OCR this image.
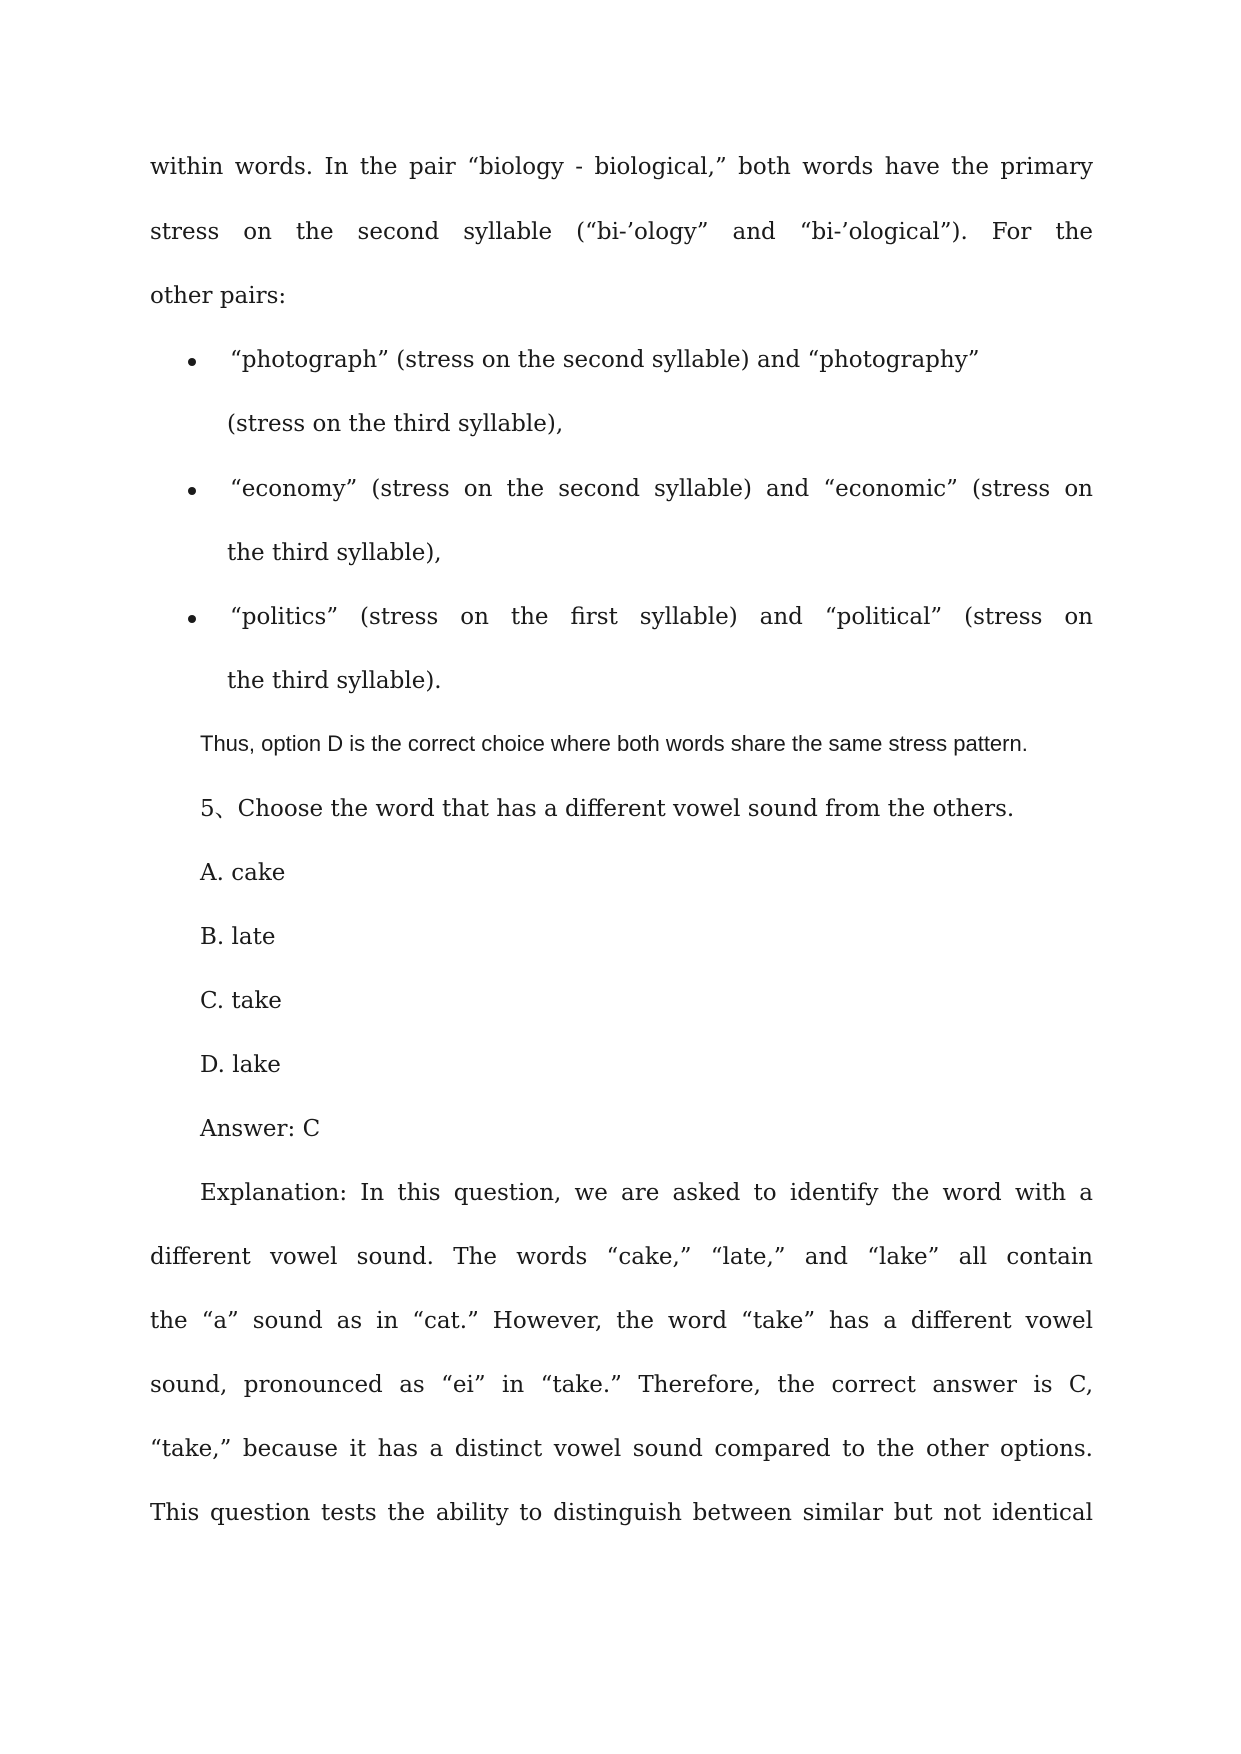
within words. In the pair “biology - biological,” both words have the primary
stress on the second syllable (“bi-’ology” and “bi-’ological”). For the
other pairs:
“photograph” (stress on the second syllable) and “photography”
(stress on the third syllable),
“economy” (stress on the second syllable) and “economic” (stress on
the third syllable),
“politics” (stress on the first syllable) and “political” (stress on
the third syllable).
Thus, option D is the correct choice where both words share the same stress pattern.
5、Choose the word that has a different vowel sound from the others.
A. cake
B. late
C. take
D. lake
Answer: C
Explanation: In this question, we are asked to identify the word with a
different vowel sound. The words “cake,” “late,” and “lake” all contain
the “a” sound as in “cat.” However, the word “take” has a different vowel
sound, pronounced as “ei” in “take.” Therefore, the correct answer is C,
“take,” because it has a distinct vowel sound compared to the other options.
This question tests the ability to distinguish between similar but not identical
